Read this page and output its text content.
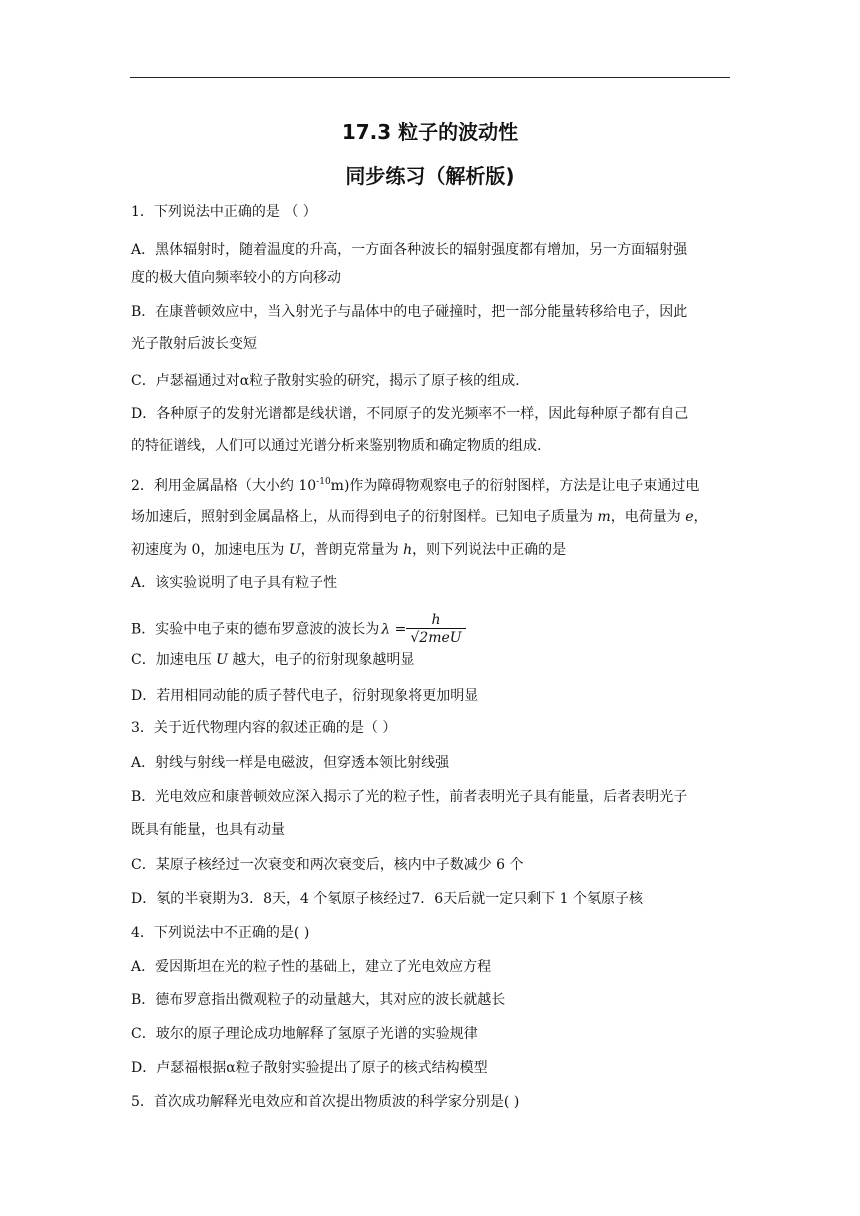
17.3 粒子的波动性
同步练习（解析版)
1．下列说法中正确的是 （ ）
A．黑体辐射时，随着温度的升高，一方面各种波长的辐射强度都有增加，另一方面辐射强
度的极大值向频率较小的方向移动
B．在康普顿效应中，当入射光子与晶体中的电子碰撞时，把一部分能量转移给电子，因此
光子散射后波长变短
C．卢瑟福通过对α粒子散射实验的研究，揭示了原子核的组成.
D．各种原子的发射光谱都是线状谱，不同原子的发光频率不一样，因此每种原子都有自己
的特征谱线，人们可以通过光谱分析来鉴别物质和确定物质的组成.
2．利用金属晶格（大小约 $10^{-10}m$)作为障碍物观察电子的衍射图样，方法是让电子束通过电
场加速后，照射到金属晶格上，从而得到电子的衍射图样。已知电子质量为 m，电荷量为 e，
初速度为 0，加速电压为 U，普朗克常量为 h，则下列说法中正确的是
A．该实验说明了电子具有粒子性
B．实验中电子束的德布罗意波的波长为 $\lambda = \frac{h}{\text{√2meU}}$
C．加速电压 U 越大，电子的衍射现象越明显
D．若用相同动能的质子替代电子，衍射现象将更加明显
3．关于近代物理内容的叙述正确的是（ ）
A．射线与射线一样是电磁波，但穿透本领比射线强
B．光电效应和康普顿效应深入揭示了光的粒子性，前者表明光子具有能量，后者表明光子
既具有能量，也具有动量
C．某原子核经过一次衰变和两次衰变后，核内中子数减少 6 个
D．氡的半衰期为3．8天，4 个氡原子核经过7．6天后就一定只剩下 1 个氡原子核
4．下列说法中不正确的是( )
A．爱因斯坦在光的粒子性的基础上，建立了光电效应方程
B．德布罗意指出微观粒子的动量越大，其对应的波长就越长
C．玻尔的原子理论成功地解释了氢原子光谱的实验规律
D．卢瑟福根据α粒子散射实验提出了原子的核式结构模型
5．首次成功解释光电效应和首次提出物质波的科学家分别是( )
